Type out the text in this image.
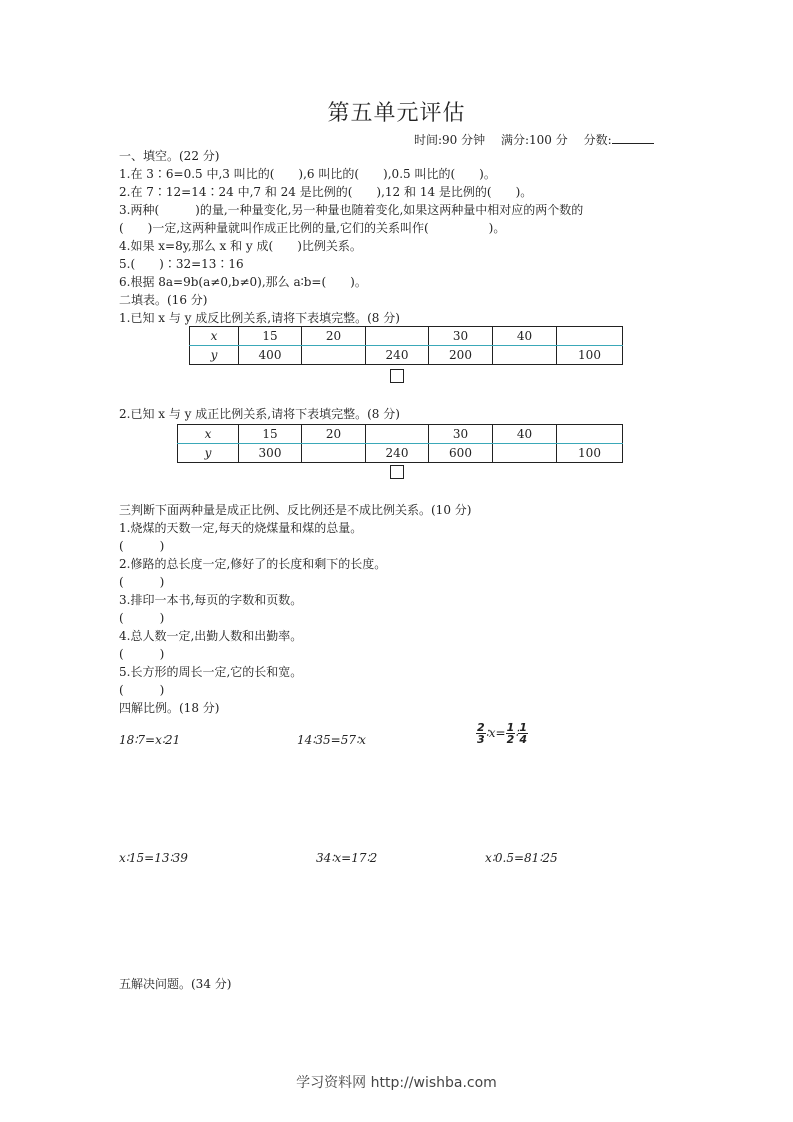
第五单元评估
时间:90 分钟 满分:100 分 分数:
一、填空。(22 分)
1.在 3∶6=0.5 中,3 叫比的(　　),6 叫比的(　　),0.5 叫比的(　　)。
2.在 7∶12=14∶24 中,7 和 24 是比例的(　　),12 和 14 是比例的(　　)。
3.两种(　　　)的量,一种量变化,另一种量也随着变化,如果这两种量中相对应的两个数的
(　　)一定,这两种量就叫作成正比例的量,它们的关系叫作(　　　　　)。
4.如果 x=8y,那么 x 和 y 成(　　)比例关系。
5.(　　)∶32=13∶16
6.根据 8a=9b(a≠0,b≠0),那么 a∶b=(　　)。
二填表。(16 分)
1.已知 x 与 y 成反比例关系,请将下表填完整。(8 分)
x	15	20		30	40	
y	400		240	200		100
2.已知 x 与 y 成正比例关系,请将下表填完整。(8 分)
x	15	20		30	40	
y	300		240	600		100
三判断下面两种量是成正比例、反比例还是不成比例关系。(10 分)
1.烧煤的天数一定,每天的烧煤量和煤的总量。
(　　　)
2.修路的总长度一定,修好了的长度和剩下的长度。
(　　　)
3.排印一本书,每页的字数和页数。
(　　　)
4.总人数一定,出勤人数和出勤率。
(　　　)
5.长方形的周长一定,它的长和宽。
(　　　)
四解比例。(18 分)
18∶7=x∶21	14∶35=57∶x	$\frac{2}{3}$ ∶x= $\frac{1}{2}$ ∶ $\frac{1}{4}$
x∶15=13∶39	34∶x=17∶2	x∶0.5=81∶25
五解决问题。(34 分)
学习资料网 http://wishba.com
